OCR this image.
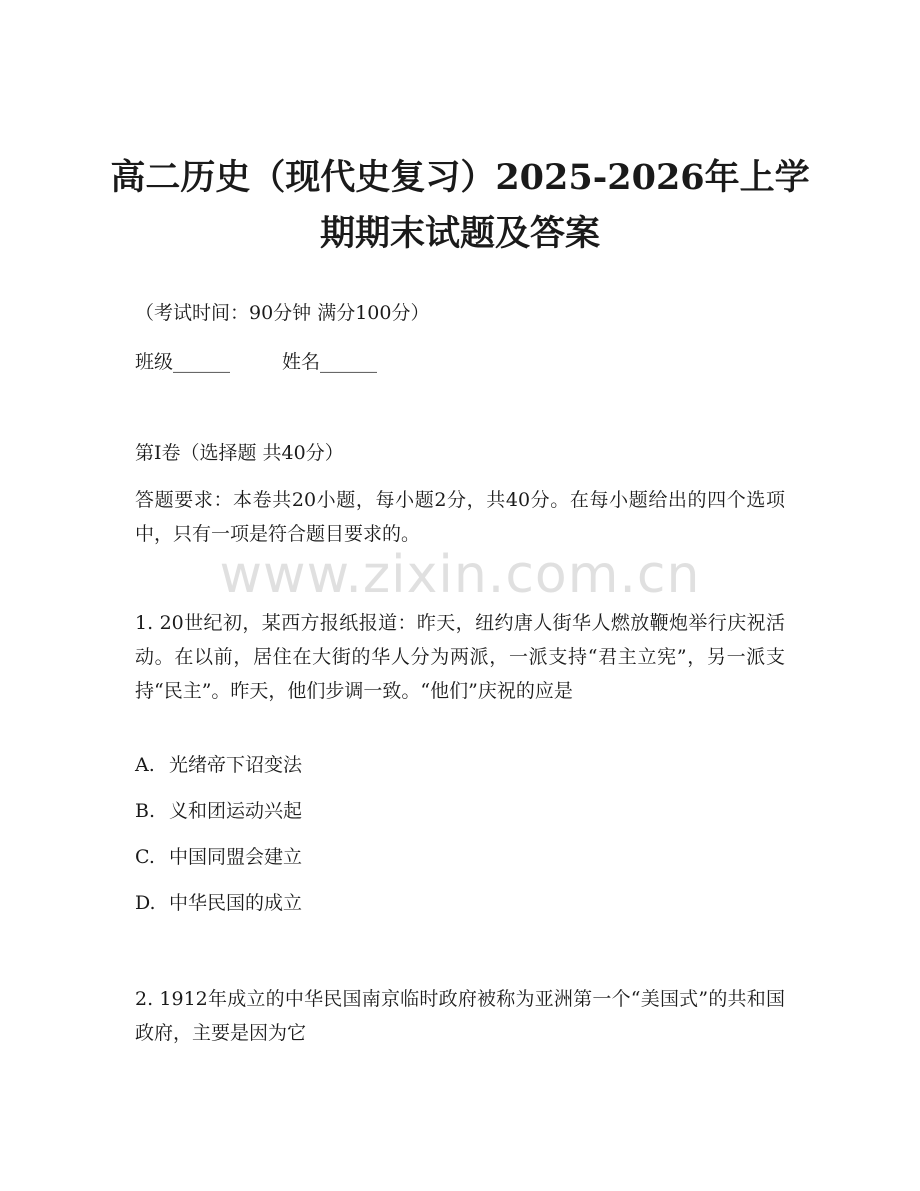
高二历史（现代史复习）2025-2026年上学期期末试题及答案
（考试时间：90分钟 满分100分）
班级______	姓名______
第Ⅰ卷（选择题 共40分）
答题要求：本卷共20小题，每小题2分，共40分。在每小题给出的四个选项中，只有一项是符合题目要求的。
www.zixin.com.cn
1. 20世纪初，某西方报纸报道：昨天，纽约唐人街华人燃放鞭炮举行庆祝活动。在以前，居住在大街的华人分为两派，一派支持“君主立宪”，另一派支持“民主”。昨天，他们步调一致。“他们”庆祝的应是
A. 光绪帝下诏变法
B. 义和团运动兴起
C. 中国同盟会建立
D. 中华民国的成立
2. 1912年成立的中华民国南京临时政府被称为亚洲第一个“美国式”的共和国政府，主要是因为它
